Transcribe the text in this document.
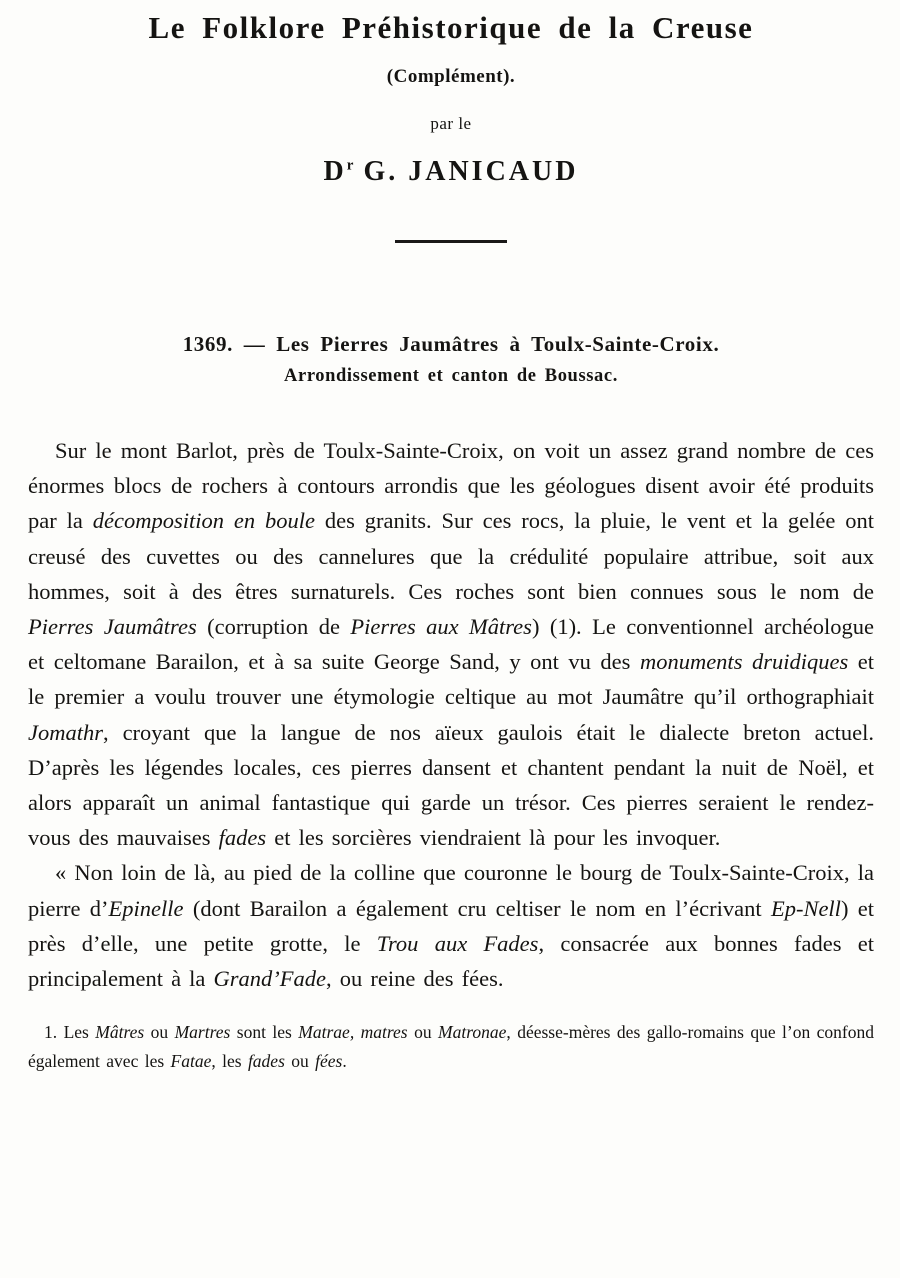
Le Folklore Préhistorique de la Creuse
(Complément).
par le
$D^r$ G. JANICAUD
1369. — Les Pierres Jaumâtres à Toulx-Sainte-Croix.
Arrondissement et canton de Boussac.

Sur le mont Barlot, près de Toulx-Sainte-Croix, on voit un assez grand nombre de ces énormes blocs de rochers à contours arrondis que les géologues disent avoir été produits par la décomposition en boule des granits. Sur ces rocs, la pluie, le vent et la gelée ont creusé des cuvettes ou des cannelures que la crédulité populaire attribue, soit aux hommes, soit à des êtres surnaturels. Ces roches sont bien connues sous le nom de Pierres Jaumâtres (corruption de Pierres aux Mâtres) (1). Le conventionnel archéologue et celtomane Barailon, et à sa suite George Sand, y ont vu des monuments druidiques et le premier a voulu trouver une étymologie celtique au mot Jaumâtre qu’il orthographiait Jomathr, croyant que la langue de nos aïeux gaulois était le dialecte breton actuel. D’après les légendes locales, ces pierres dansent et chantent pendant la nuit de Noël, et alors apparaît un animal fantastique qui garde un trésor. Ces pierres seraient le rendez-vous des mauvaises fades et les sorcières viendraient là pour les invoquer.

« Non loin de là, au pied de la colline que couronne le bourg de Toulx-Sainte-Croix, la pierre d’Epinelle (dont Barailon a également cru celtiser le nom en l’écrivant Ep-Nell) et près d’elle, une petite grotte, le Trou aux Fades, consacrée aux bonnes fades et principalement à la Grand’Fade, ou reine des fées.

1. Les Mâtres ou Martres sont les Matrae, matres ou Matronae, déesse-mères des gallo-romains que l’on confond également avec les Fatae, les fades ou fées.
